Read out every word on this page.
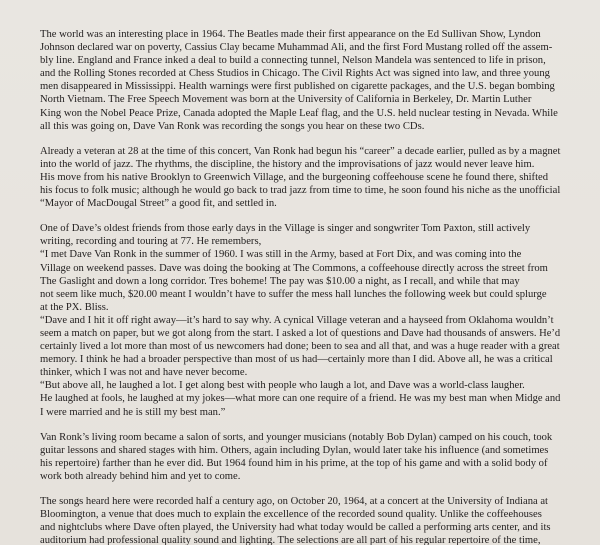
The world was an interesting place in 1964. The Beatles made their first appearance on the Ed Sullivan Show, Lyndon
Johnson declared war on poverty, Cassius Clay became Muhammad Ali, and the first Ford Mustang rolled off the assem-
bly line. England and France inked a deal to build a connecting tunnel, Nelson Mandela was sentenced to life in prison,
and the Rolling Stones recorded at Chess Studios in Chicago. The Civil Rights Act was signed into law, and three young
men disappeared in Mississippi. Health warnings were first published on cigarette packages, and the U.S. began bombing
North Vietnam. The Free Speech Movement was born at the University of California in Berkeley, Dr. Martin Luther
King won the Nobel Peace Prize, Canada adopted the Maple Leaf flag, and the U.S. held nuclear testing in Nevada. While
all this was going on, Dave Van Ronk was recording the songs you hear on these two CDs.

Already a veteran at 28 at the time of this concert, Van Ronk had begun his “career” a decade earlier, pulled as by a magnet
into the world of jazz. The rhythms, the discipline, the history and the improvisations of jazz would never leave him.
His move from his native Brooklyn to Greenwich Village, and the burgeoning coffeehouse scene he found there, shifted
his focus to folk music; although he would go back to trad jazz from time to time, he soon found his niche as the unofficial
“Mayor of MacDougal Street” a good fit, and settled in.

One of Dave’s oldest friends from those early days in the Village is singer and songwriter Tom Paxton, still actively
writing, recording and touring at 77. He remembers,
“I met Dave Van Ronk in the summer of 1960. I was still in the Army, based at Fort Dix, and was coming into the
Village on weekend passes. Dave was doing the booking at The Commons, a coffeehouse directly across the street from
The Gaslight and down a long corridor. Tres boheme! The pay was $10.00 a night, as I recall, and while that may
not seem like much, $20.00 meant I wouldn’t have to suffer the mess hall lunches the following week but could splurge
at the PX. Bliss.
“Dave and I hit it off right away—it’s hard to say why. A cynical Village veteran and a hayseed from Oklahoma wouldn’t
seem a match on paper, but we got along from the start. I asked a lot of questions and Dave had thousands of answers. He’d
certainly lived a lot more than most of us newcomers had done; been to sea and all that, and was a huge reader with a great
memory. I think he had a broader perspective than most of us had—certainly more than I did. Above all, he was a critical
thinker, which I was not and have never become.
“But above all, he laughed a lot. I get along best with people who laugh a lot, and Dave was a world-class laugher.
He laughed at fools, he laughed at my jokes—what more can one require of a friend. He was my best man when Midge and
I were married and he is still my best man.”

Van Ronk’s living room became a salon of sorts, and younger musicians (notably Bob Dylan) camped on his couch, took
guitar lessons and shared stages with him. Others, again including Dylan, would later take his influence (and sometimes
his repertoire) farther than he ever did. But 1964 found him in his prime, at the top of his game and with a solid body of
work both already behind him and yet to come.

The songs heard here were recorded half a century ago, on October 20, 1964, at a concert at the University of Indiana at
Bloomington, a venue that does much to explain the excellence of the recorded sound quality. Unlike the coffeehouses
and nightclubs where Dave often played, the University had what today would be called a performing arts center, and its
auditorium had professional quality sound and lighting. The selections are all part of his regular repertoire of the time,
